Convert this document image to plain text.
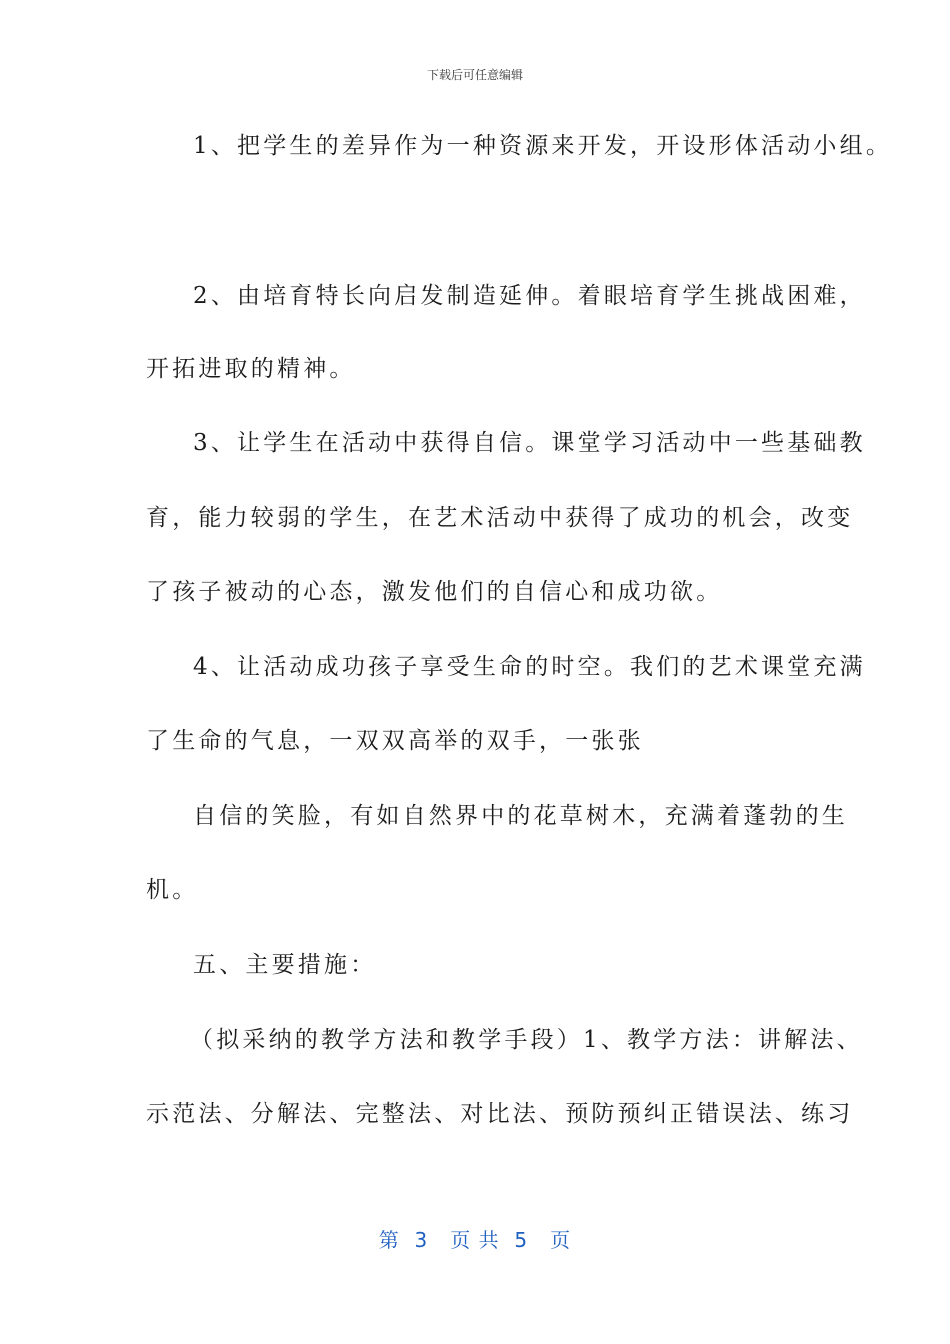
下载后可任意编辑
1、把学生的差异作为一种资源来开发，开设形体活动小组。
2、由培育特长向启发制造延伸。着眼培育学生挑战困难，
开拓进取的精神。
3、让学生在活动中获得自信。课堂学习活动中一些基础教
育，能力较弱的学生，在艺术活动中获得了成功的机会，改变
了孩子被动的心态，激发他们的自信心和成功欲。
4、让活动成功孩子享受生命的时空。我们的艺术课堂充满
了生命的气息，一双双高举的双手，一张张
自信的笑脸，有如自然界中的花草树木，充满着蓬勃的生
机。
五、主要措施：
（拟采纳的教学方法和教学手段）1、教学方法：讲解法、
示范法、分解法、完整法、对比法、预防预纠正错误法、练习
第  3   页 共  5   页
